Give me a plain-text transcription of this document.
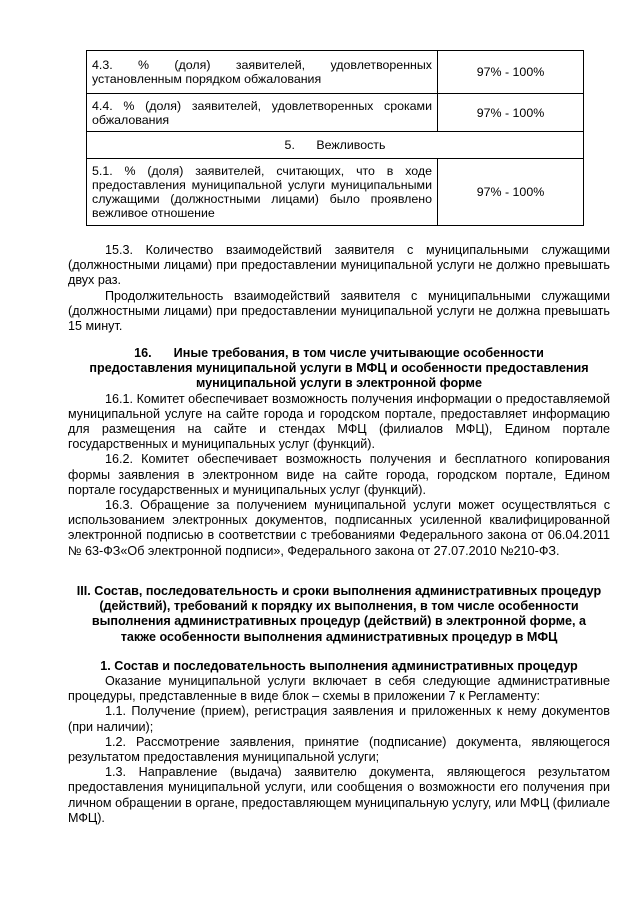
4.3. % (доля) заявителей, удовлетворенных установленным порядком обжалования	97% - 100%
4.4. % (доля) заявителей, удовлетворенных сроками обжалования	97% - 100%
5. Вежливость	
5.1. % (доля) заявителей, считающих, что в ходе предоставления муниципальной услуги муниципальными служащими (должностными лицами) было проявлено вежливое отношение	97% - 100%

15.3. Количество взаимодействий заявителя с муниципальными служащими (должностными лицами) при предоставлении муниципальной услуги не должно превышать двух раз.

Продолжительность взаимодействий заявителя с муниципальными служащими (должностными лицами) при предоставлении муниципальной услуги не должна превышать 15 минут.

16. Иные требования, в том числе учитывающие особенности предоставления муниципальной услуги в МФЦ и особенности предоставления муниципальной услуги в электронной форме

16.1. Комитет обеспечивает возможность получения информации о предоставляемой муниципальной услуге на сайте города и городском портале, предоставляет информацию для размещения на сайте и стендах МФЦ (филиалов МФЦ), Едином портале государственных и муниципальных услуг (функций).

16.2. Комитет обеспечивает возможность получения и бесплатного копирования формы заявления в электронном виде на сайте города, городском портале, Едином портале государственных и муниципальных услуг (функций).

16.3. Обращение за получением муниципальной услуги может осуществляться с использованием электронных документов, подписанных усиленной квалифицированной электронной подписью в соответствии с требованиями Федерального закона от 06.04.2011 № 63-ФЗ«Об электронной подписи», Федерального закона от 27.07.2010 №210-ФЗ.

III. Состав, последовательность и сроки выполнения административных процедур (действий), требований к порядку их выполнения, в том числе особенности выполнения административных процедур (действий) в электронной форме, а также особенности выполнения административных процедур в МФЦ

1. Состав и последовательность выполнения административных процедур

Оказание муниципальной услуги включает в себя следующие административные процедуры, представленные в виде блок – схемы в приложении 7 к Регламенту:

1.1. Получение (прием), регистрация заявления и приложенных к нему документов (при наличии);

1.2. Рассмотрение заявления, принятие (подписание) документа, являющегося результатом предоставления муниципальной услуги;

1.3. Направление (выдача) заявителю документа, являющегося результатом предоставления муниципальной услуги, или сообщения о возможности его получения при личном обращении в органе, предоставляющем муниципальную услугу, или МФЦ (филиале МФЦ).
